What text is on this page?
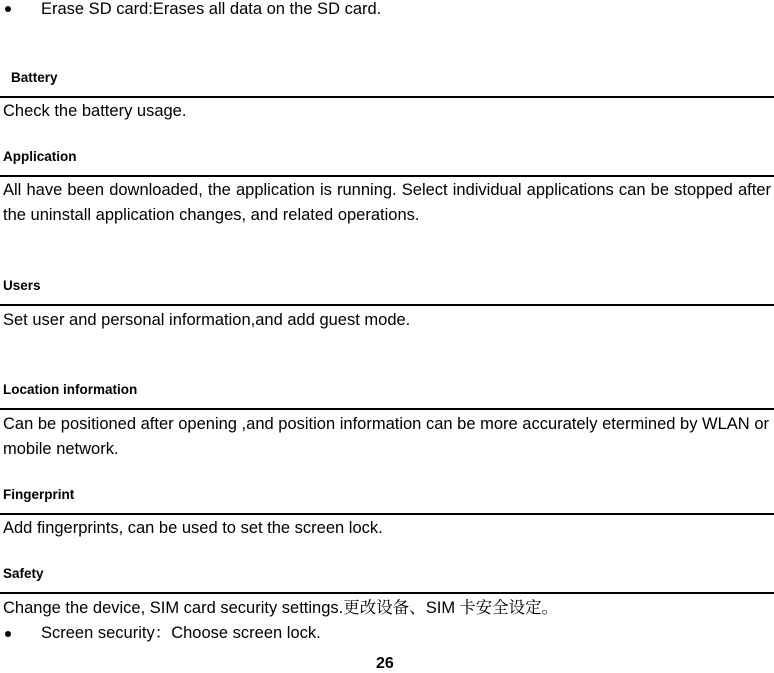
Erase SD card:Erases all data on the SD card.
Battery
Check the battery usage.
Application
All have been downloaded, the application is running. Select individual applications can be stopped after the uninstall application changes, and related operations.
Users
Set user and personal information,and add guest mode.
Location information
Can be positioned after opening ,and position information can be more accurately etermined by WLAN or mobile network.
Fingerprint
Add fingerprints, can be used to set the screen lock.
Safety
Change the device, SIM card security settings.更改设备、SIM 卡安全设定。
Screen security：Choose screen lock.
26
